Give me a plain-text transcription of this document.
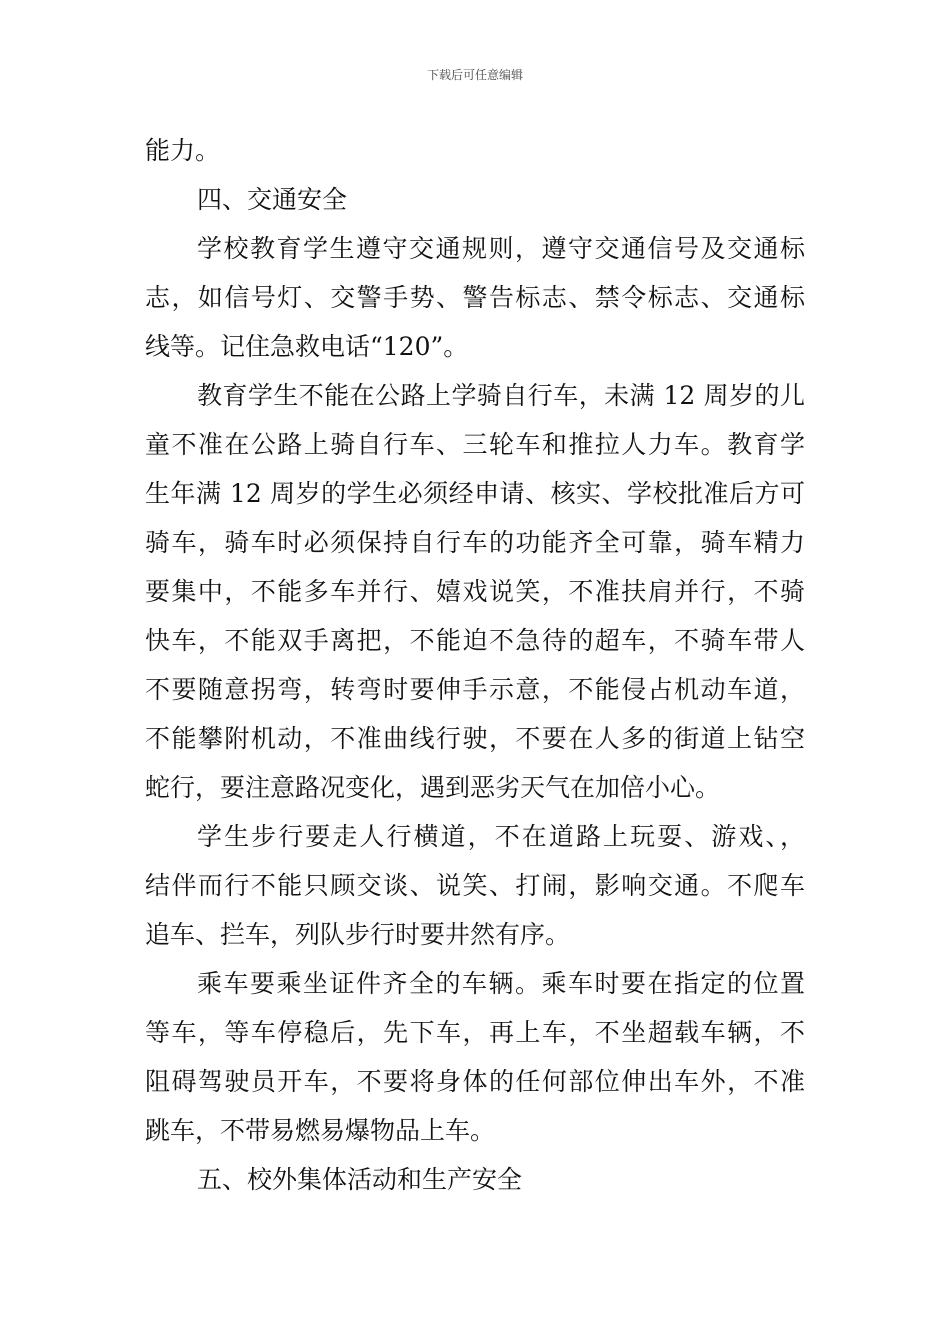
下载后可任意编辑
能力。
四、交通安全
学校教育学生遵守交通规则，遵守交通信号及交通标
志，如信号灯、交警手势、警告标志、禁令标志、交通标
线等。记住急救电话“120”。
教育学生不能在公路上学骑自行车，未满 12 周岁的儿
童不准在公路上骑自行车、三轮车和推拉人力车。教育学
生年满 12 周岁的学生必须经申请、核实、学校批准后方可
骑车，骑车时必须保持自行车的功能齐全可靠，骑车精力
要集中，不能多车并行、嬉戏说笑，不准扶肩并行，不骑
快车，不能双手离把，不能迫不急待的超车，不骑车带人
不要随意拐弯，转弯时要伸手示意，不能侵占机动车道，
不能攀附机动，不准曲线行驶，不要在人多的街道上钻空
蛇行，要注意路况变化，遇到恶劣天气在加倍小心。
学生步行要走人行横道，不在道路上玩耍、游戏、，
结伴而行不能只顾交谈、说笑、打闹，影响交通。不爬车
追车、拦车，列队步行时要井然有序。
乘车要乘坐证件齐全的车辆。乘车时要在指定的位置
等车，等车停稳后，先下车，再上车，不坐超载车辆，不
阻碍驾驶员开车，不要将身体的任何部位伸出车外，不准
跳车，不带易燃易爆物品上车。
五、校外集体活动和生产安全
